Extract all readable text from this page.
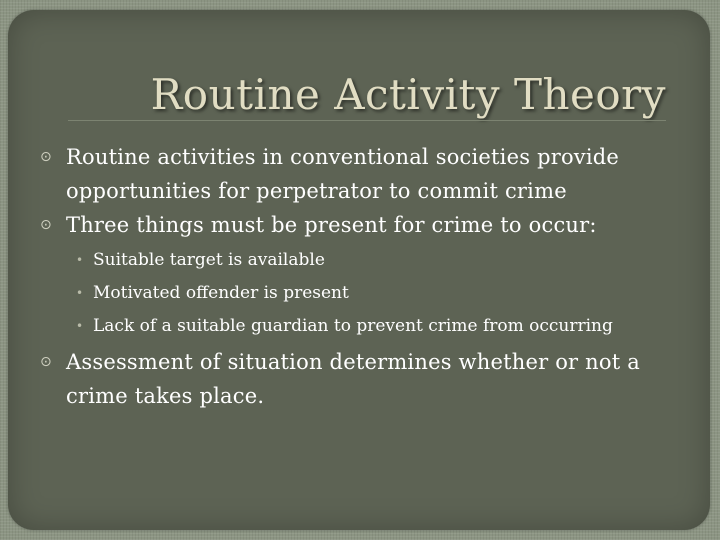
Routine Activity Theory
⊙ Routine activities in conventional societies provide opportunities for perpetrator to commit crime
⊙ Three things must be present for crime to occur:
• Suitable target is available
• Motivated offender is present
• Lack of a suitable guardian to prevent crime from occurring
⊙ Assessment of situation determines whether or not a crime takes place.
